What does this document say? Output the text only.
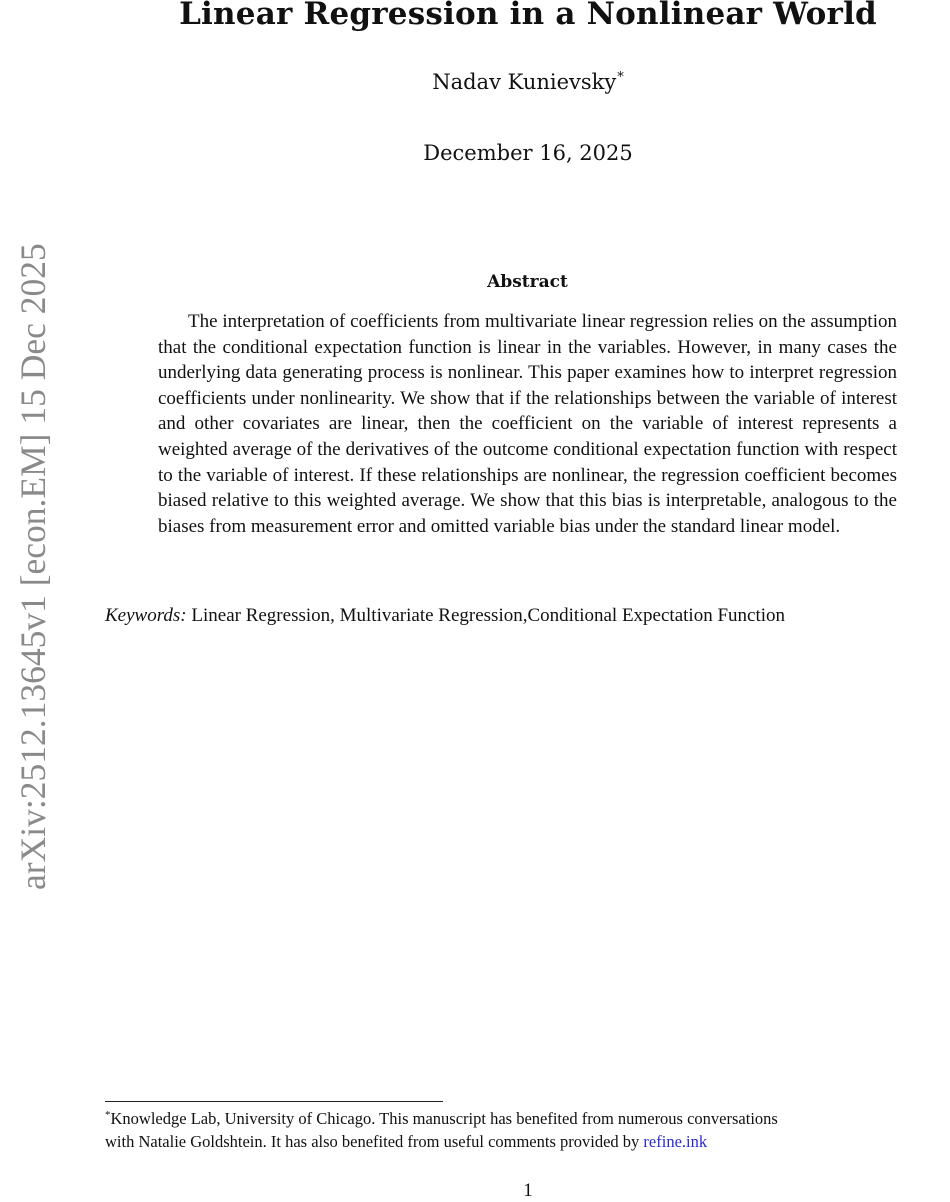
arXiv:2512.13645v1 [econ.EM] 15 Dec 2025
Linear Regression in a Nonlinear World
Nadav Kunievsky*
December 16, 2025
Abstract
The interpretation of coefficients from multivariate linear regression relies on the assumption that the conditional expectation function is linear in the variables. However, in many cases the underlying data generating process is nonlinear. This paper examines how to interpret regression coefficients under nonlinearity. We show that if the relationships between the variable of interest and other covariates are linear, then the coefficient on the variable of interest represents a weighted average of the derivatives of the outcome conditional expectation function with respect to the variable of interest. If these relationships are nonlinear, the regression coefficient becomes biased relative to this weighted average. We show that this bias is interpretable, analogous to the biases from measurement error and omitted variable bias under the standard linear model.
Keywords: Linear Regression, Multivariate Regression,Conditional Expectation Function
*Knowledge Lab, University of Chicago. This manuscript has benefited from numerous conversations
with Natalie Goldshtein. It has also benefited from useful comments provided by refine.ink
1
